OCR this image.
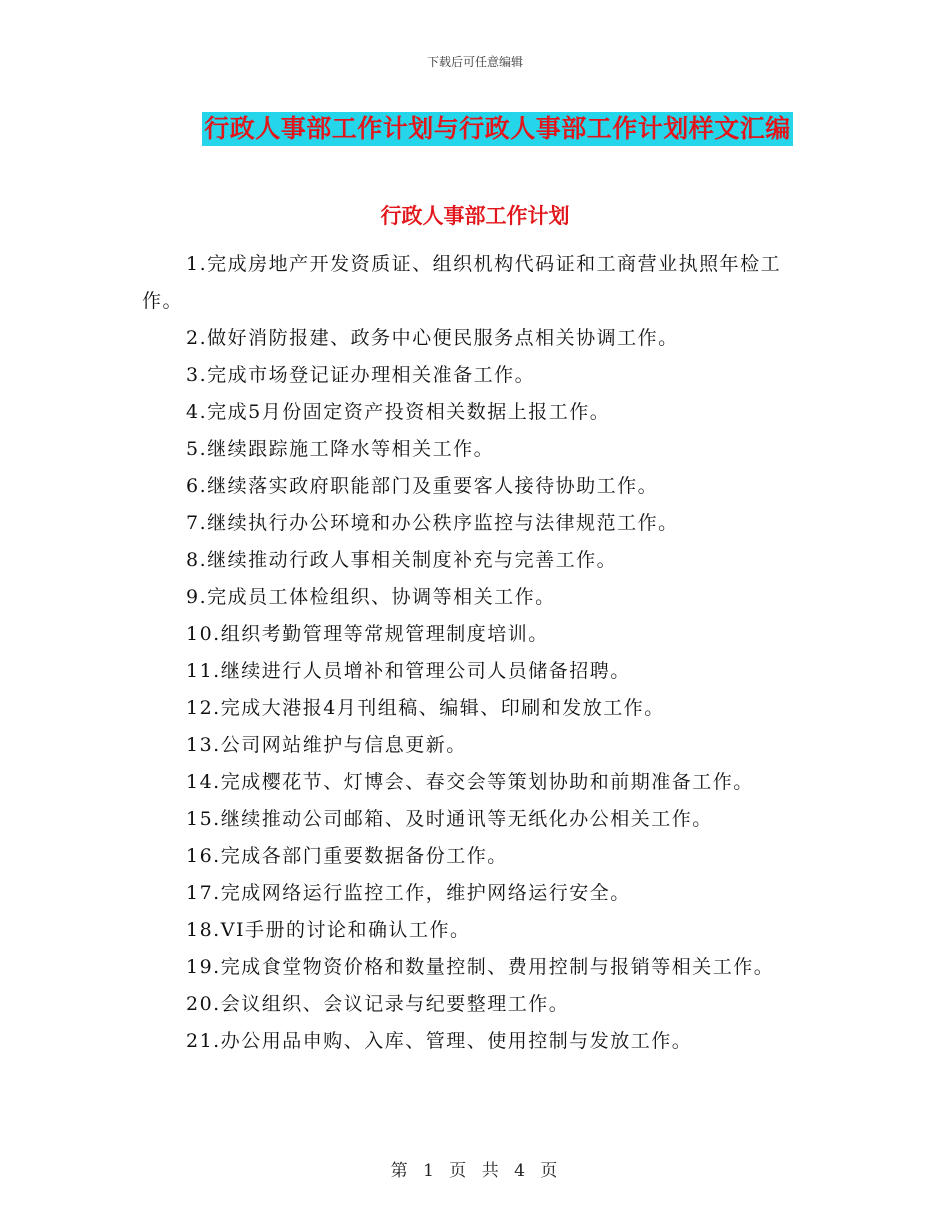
下载后可任意编辑
行政人事部工作计划与行政人事部工作计划样文汇编
行政人事部工作计划
1.完成房地产开发资质证、组织机构代码证和工商营业执照年检工作。
2.做好消防报建、政务中心便民服务点相关协调工作。
3.完成市场登记证办理相关准备工作。
4.完成5月份固定资产投资相关数据上报工作。
5.继续跟踪施工降水等相关工作。
6.继续落实政府职能部门及重要客人接待协助工作。
7.继续执行办公环境和办公秩序监控与法律规范工作。
8.继续推动行政人事相关制度补充与完善工作。
9.完成员工体检组织、协调等相关工作。
10.组织考勤管理等常规管理制度培训。
11.继续进行人员增补和管理公司人员储备招聘。
12.完成大港报4月刊组稿、编辑、印刷和发放工作。
13.公司网站维护与信息更新。
14.完成樱花节、灯博会、春交会等策划协助和前期准备工作。
15.继续推动公司邮箱、及时通讯等无纸化办公相关工作。
16.完成各部门重要数据备份工作。
17.完成网络运行监控工作，维护网络运行安全。
18.VI手册的讨论和确认工作。
19.完成食堂物资价格和数量控制、费用控制与报销等相关工作。
20.会议组织、会议记录与纪要整理工作。
21.办公用品申购、入库、管理、使用控制与发放工作。
第 1 页 共 4 页
